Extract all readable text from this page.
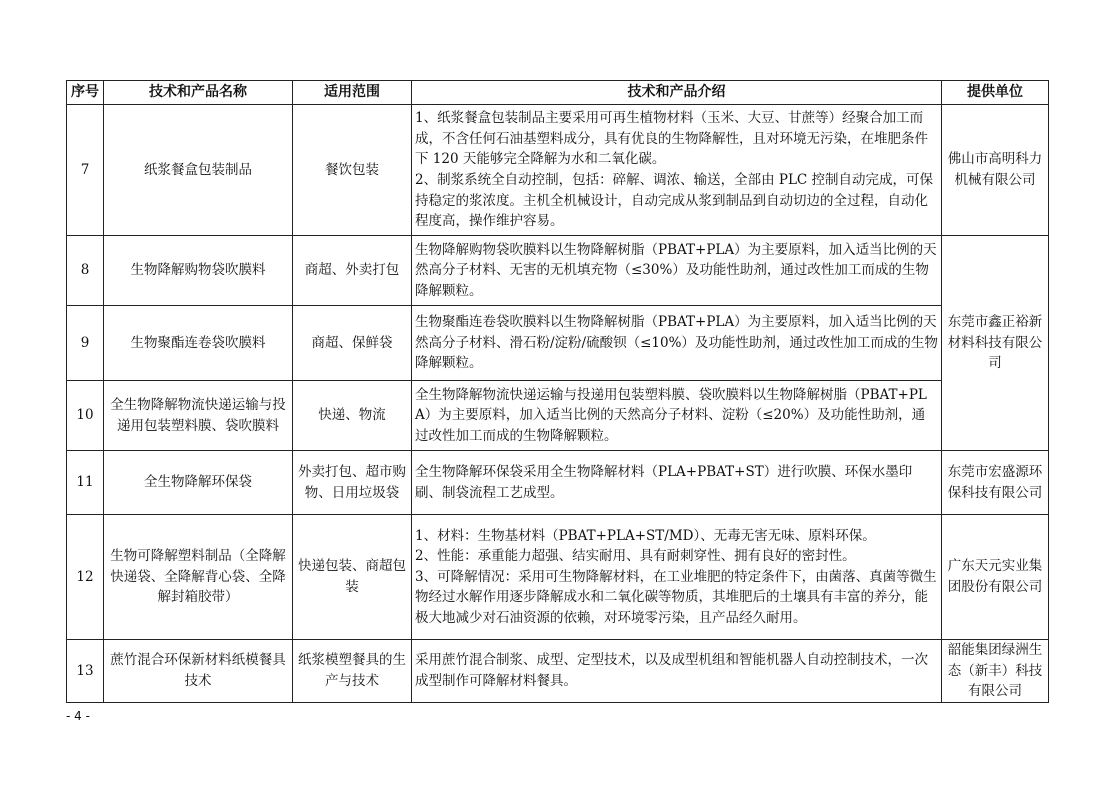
序号	技术和产品名称	适用范围	技术和产品介绍	提供单位
7	纸浆餐盒包装制品	餐饮包装	1、纸浆餐盒包装制品主要采用可再生植物材料（玉米、大豆、甘蔗等）经聚合加工而成，不含任何石油基塑料成分，具有优良的生物降解性，且对环境无污染，在堆肥条件下 120 天能够完全降解为水和二氧化碳。
2、制浆系统全自动控制，包括：碎解、调浓、输送，全部由 PLC 控制自动完成，可保持稳定的浆浓度。主机全机械设计，自动完成从浆到制品到自动切边的全过程，自动化程度高，操作维护容易。	佛山市高明科力机械有限公司
8	生物降解购物袋吹膜料	商超、外卖打包	生物降解购物袋吹膜料以生物降解树脂（PBAT+PLA）为主要原料，加入适当比例的天然高分子材料、无害的无机填充物（≤30%）及功能性助剂，通过改性加工而成的生物降解颗粒。	东莞市鑫正裕新材料科技有限公司
9	生物聚酯连卷袋吹膜料	商超、保鲜袋	生物聚酯连卷袋吹膜料以生物降解树脂（PBAT+PLA）为主要原料，加入适当比例的天然高分子材料、滑石粉/淀粉/硫酸钡（≤10%）及功能性助剂，通过改性加工而成的生物降解颗粒。	

10	全生物降解物流快递运输与投递用包装塑料膜、袋吹膜料	快递、物流	全生物降解物流快递运输与投递用包装塑料膜、袋吹膜料以生物降解树脂（PBAT+PLA）为主要原料，加入适当比例的天然高分子材料、淀粉（≤20%）及功能性助剂，通过改性加工而成的生物降解颗粒。	

11	全生物降解环保袋	外卖打包、超市购物、日用垃圾袋	全生物降解环保袋采用全生物降解材料（PLA+PBAT+ST）进行吹膜、环保水墨印刷、制袋流程工艺成型。	东莞市宏盛源环保科技有限公司
12	生物可降解塑料制品（全降解快递袋、全降解背心袋、全降解封箱胶带）	快递包装、商超包装	1、材料：生物基材料（PBAT+PLA+ST/MD）、无毒无害无味、原料环保。
2、性能：承重能力超强、结实耐用、具有耐刺穿性、拥有良好的密封性。
3、可降解情况：采用可生物降解材料，在工业堆肥的特定条件下，由菌落、真菌等微生物经过水解作用逐步降解成水和二氧化碳等物质，其堆肥后的土壤具有丰富的养分，能极大地减少对石油资源的依赖，对环境零污染，且产品经久耐用。	广东天元实业集团股份有限公司
13	蔗竹混合环保新材料纸模餐具技术	纸浆模塑餐具的生产与技术	采用蔗竹混合制浆、成型、定型技术，以及成型机组和智能机器人自动控制技术，一次成型制作可降解材料餐具。	韶能集团绿洲生态（新丰）科技有限公司
- 4 -
